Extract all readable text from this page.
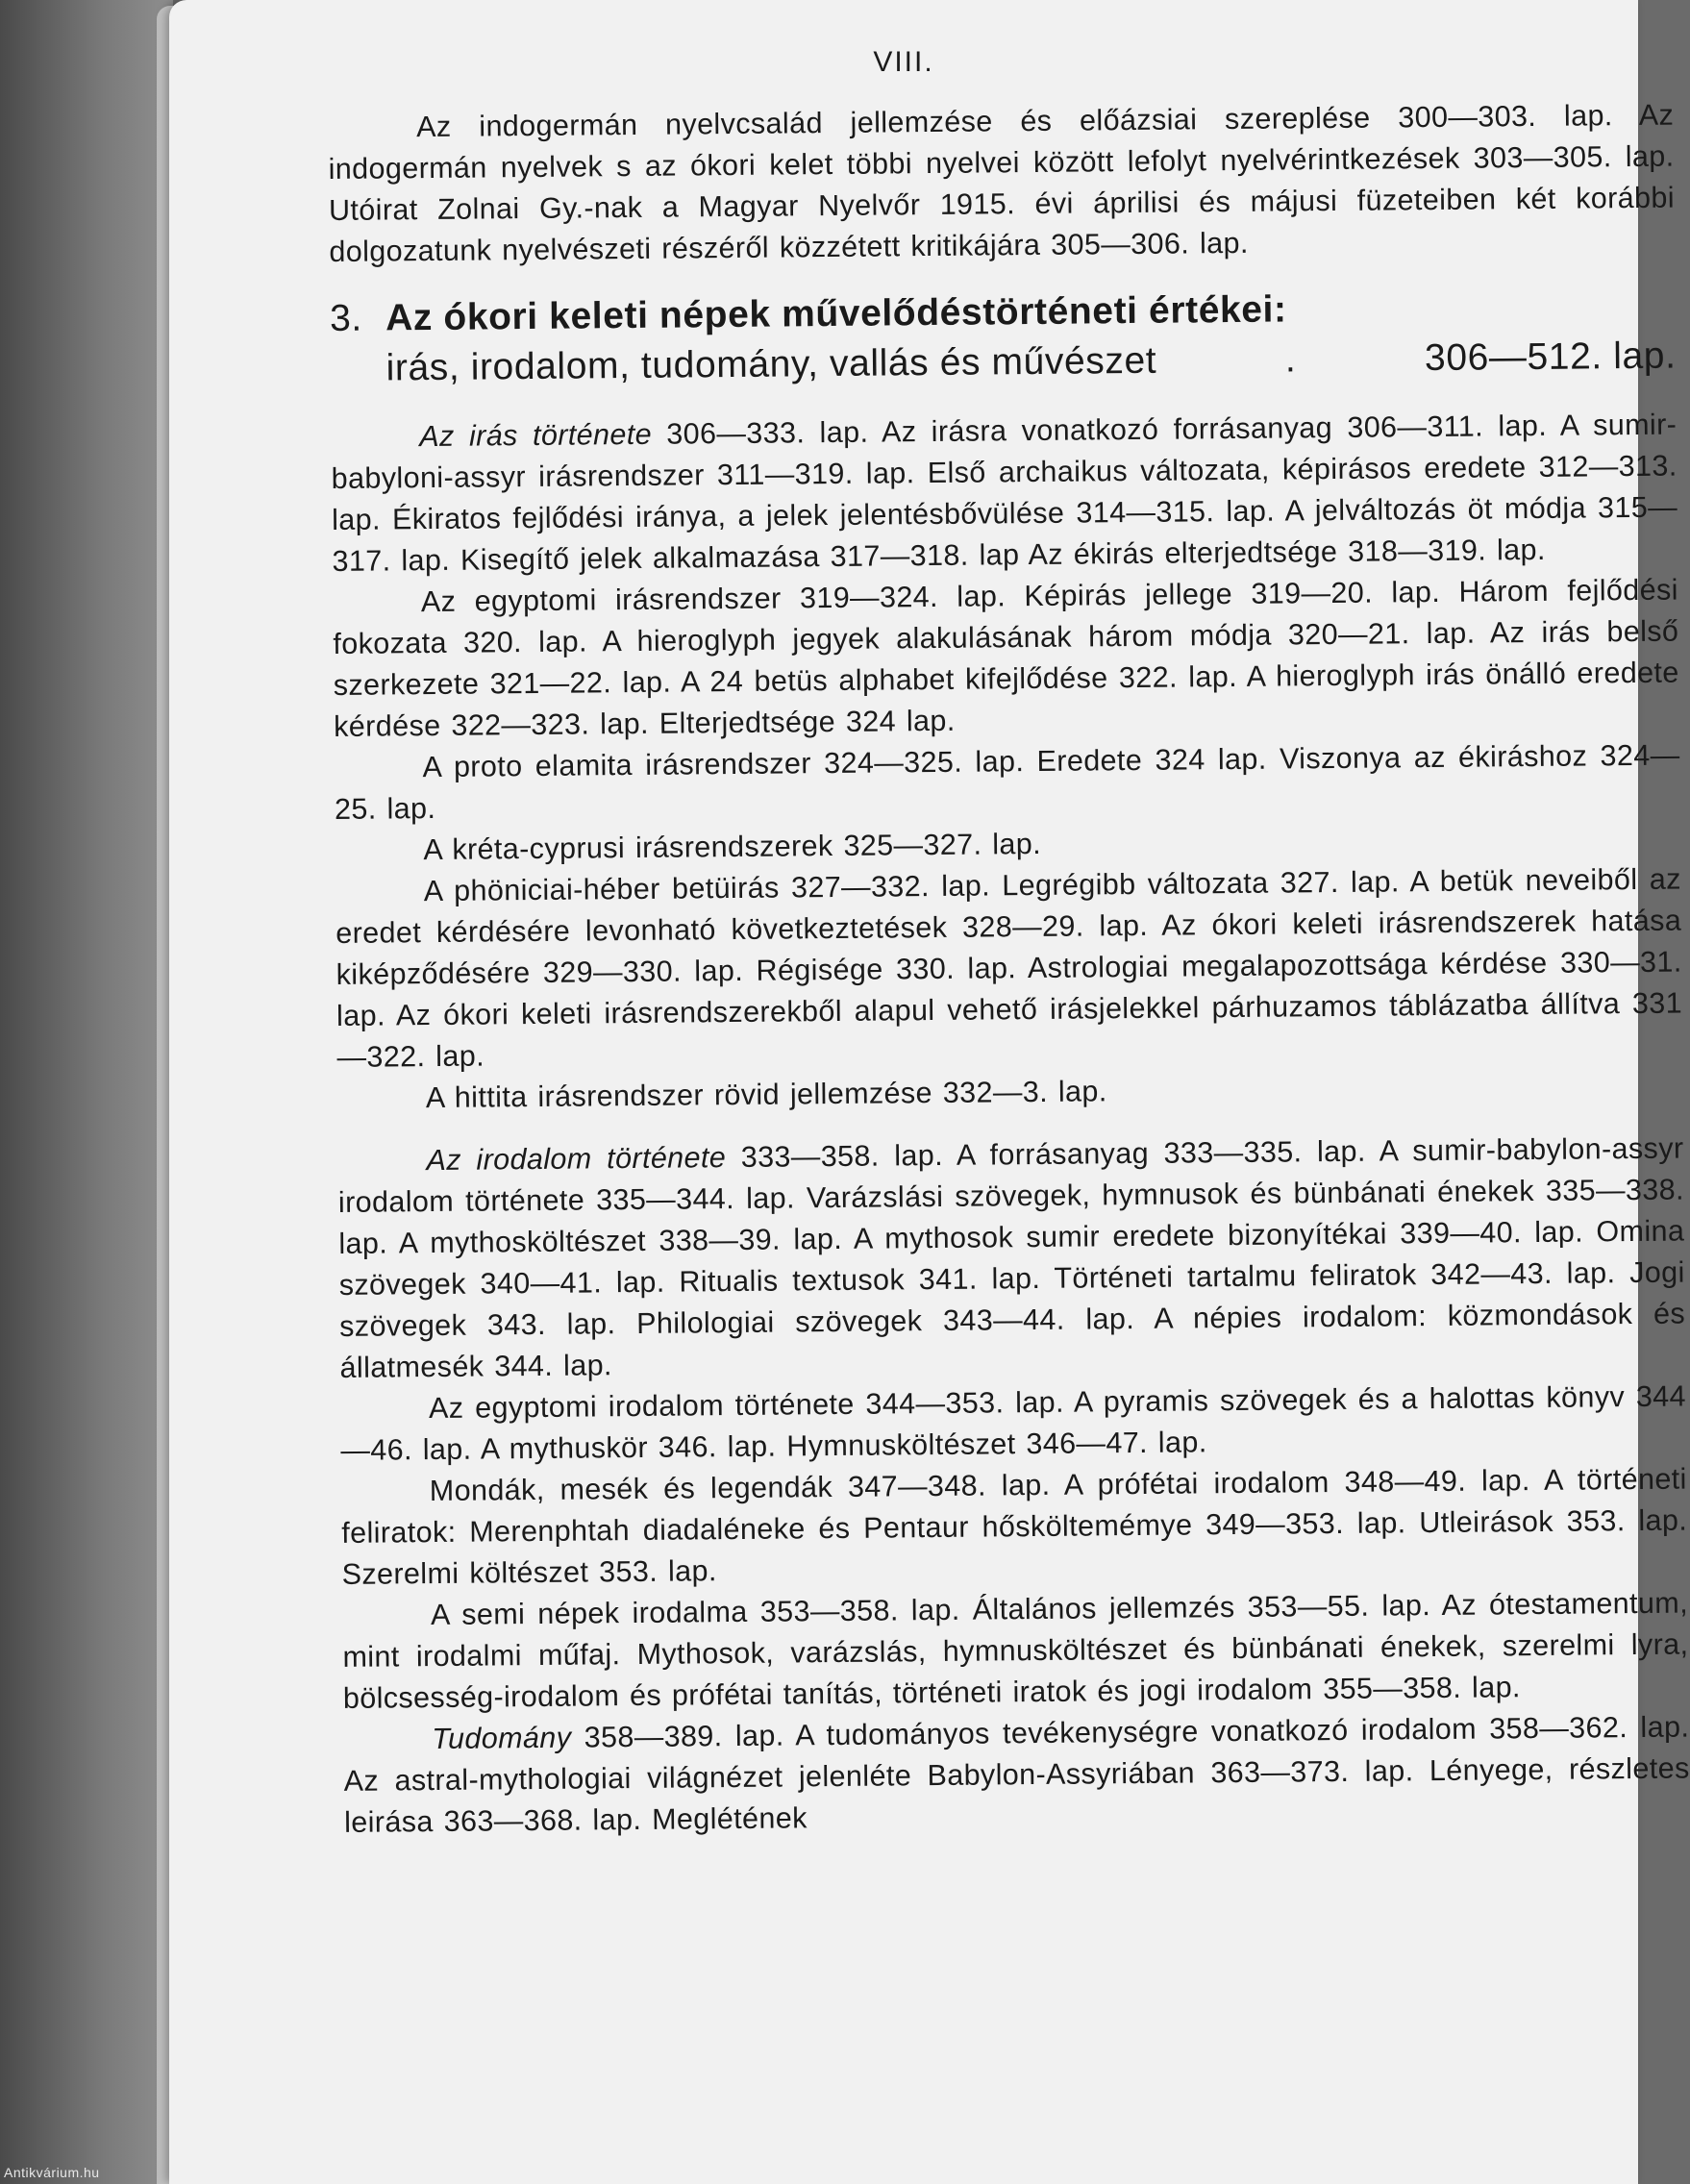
VIII.

Az indogermán nyelvcsalád jellemzése és előázsiai szereplése 300—303. lap. Az indogermán nyelvek s az ókori kelet többi nyelvei között lefolyt nyelvérintkezések 303—305. lap. Utóirat Zolnai Gy.-nak a Magyar Nyelvőr 1915. évi áprilisi és májusi füzeteiben két korábbi dolgozatunk nyelvészeti részéről közzétett kritikájára 305—306. lap.

3. Az ókori keleti népek művelődéstörténeti értékei:
irás, irodalom, tudomány, vallás és művészet	.	306—512. lap.

Az irás története 306—333. lap. Az irásra vonatkozó forrásanyag 306—311. lap. A sumir-babyloni-assyr irásrendszer 311—319. lap. Első archaikus változata, képirásos eredete 312—313. lap. Ékiratos fejlődési iránya, a jelek jelentésbővülése 314—315. lap. A jelváltozás öt módja 315—317. lap. Kisegítő jelek alkalmazása 317—318. lap Az ékirás elterjedtsége 318—319. lap.

Az egyptomi irásrendszer 319—324. lap. Képirás jellege 319—20. lap. Három fejlődési fokozata 320. lap. A hieroglyph jegyek alakulásának három módja 320—21. lap. Az irás belső szerkezete 321—22. lap. A 24 betüs alphabet kifejlődése 322. lap. A hieroglyph irás önálló eredete kérdése 322—323. lap. Elterjedtsége 324 lap.

A proto elamita irásrendszer 324—325. lap. Eredete 324 lap. Viszonya az ékiráshoz 324—25. lap.

A kréta-cyprusi irásrendszerek 325—327. lap.

A phöniciai-héber betüirás 327—332. lap. Legrégibb változata 327. lap. A betük neveiből az eredet kérdésére levonható következtetések 328—29. lap. Az ókori keleti irásrendszerek hatása kiképződésére 329—330. lap. Régisége 330. lap. Astrologiai megalapozottsága kérdése 330—31. lap. Az ókori keleti irásrendszerekből alapul vehető irásjelekkel párhuzamos táblázatba állítva 331—322. lap.

A hittita irásrendszer rövid jellemzése 332—3. lap.

Az irodalom története 333—358. lap. A forrásanyag 333—335. lap. A sumir-babylon-assyr irodalom története 335—344. lap. Varázslási szövegek, hymnusok és bünbánati énekek 335—338. lap. A mythosköltészet 338—39. lap. A mythosok sumir eredete bizonyítékai 339—40. lap. Omina szövegek 340—41. lap. Ritualis textusok 341. lap. Történeti tartalmu feliratok 342—43. lap. Jogi szövegek 343. lap. Philologiai szövegek 343—44. lap. A népies irodalom: közmondások és állatmesék 344. lap.

Az egyptomi irodalom története 344—353. lap. A pyramis szövegek és a halottas könyv 344—46. lap. A mythuskör 346. lap. Hymnusköltészet 346—47. lap.

Mondák, mesék és legendák 347—348. lap. A prófétai irodalom 348—49. lap. A történeti feliratok: Merenphtah diadaléneke és Pentaur hősköltemémye 349—353. lap. Utleirások 353. lap. Szerelmi költészet 353. lap.

A semi népek irodalma 353—358. lap. Általános jellemzés 353—55. lap. Az ótestamentum, mint irodalmi műfaj. Mythosok, varázslás, hymnusköltészet és bünbánati énekek, szerelmi lyra, bölcsesség-irodalom és prófétai tanítás, történeti iratok és jogi irodalom 355—358. lap.

Tudomány 358—389. lap. A tudományos tevékenységre vonatkozó irodalom 358—362. lap. Az astral-mythologiai világnézet jelenléte Babylon-Assyriában 363—373. lap. Lényege, részletes leirása 363—368. lap. Meglétének

Antikvárium.hu
